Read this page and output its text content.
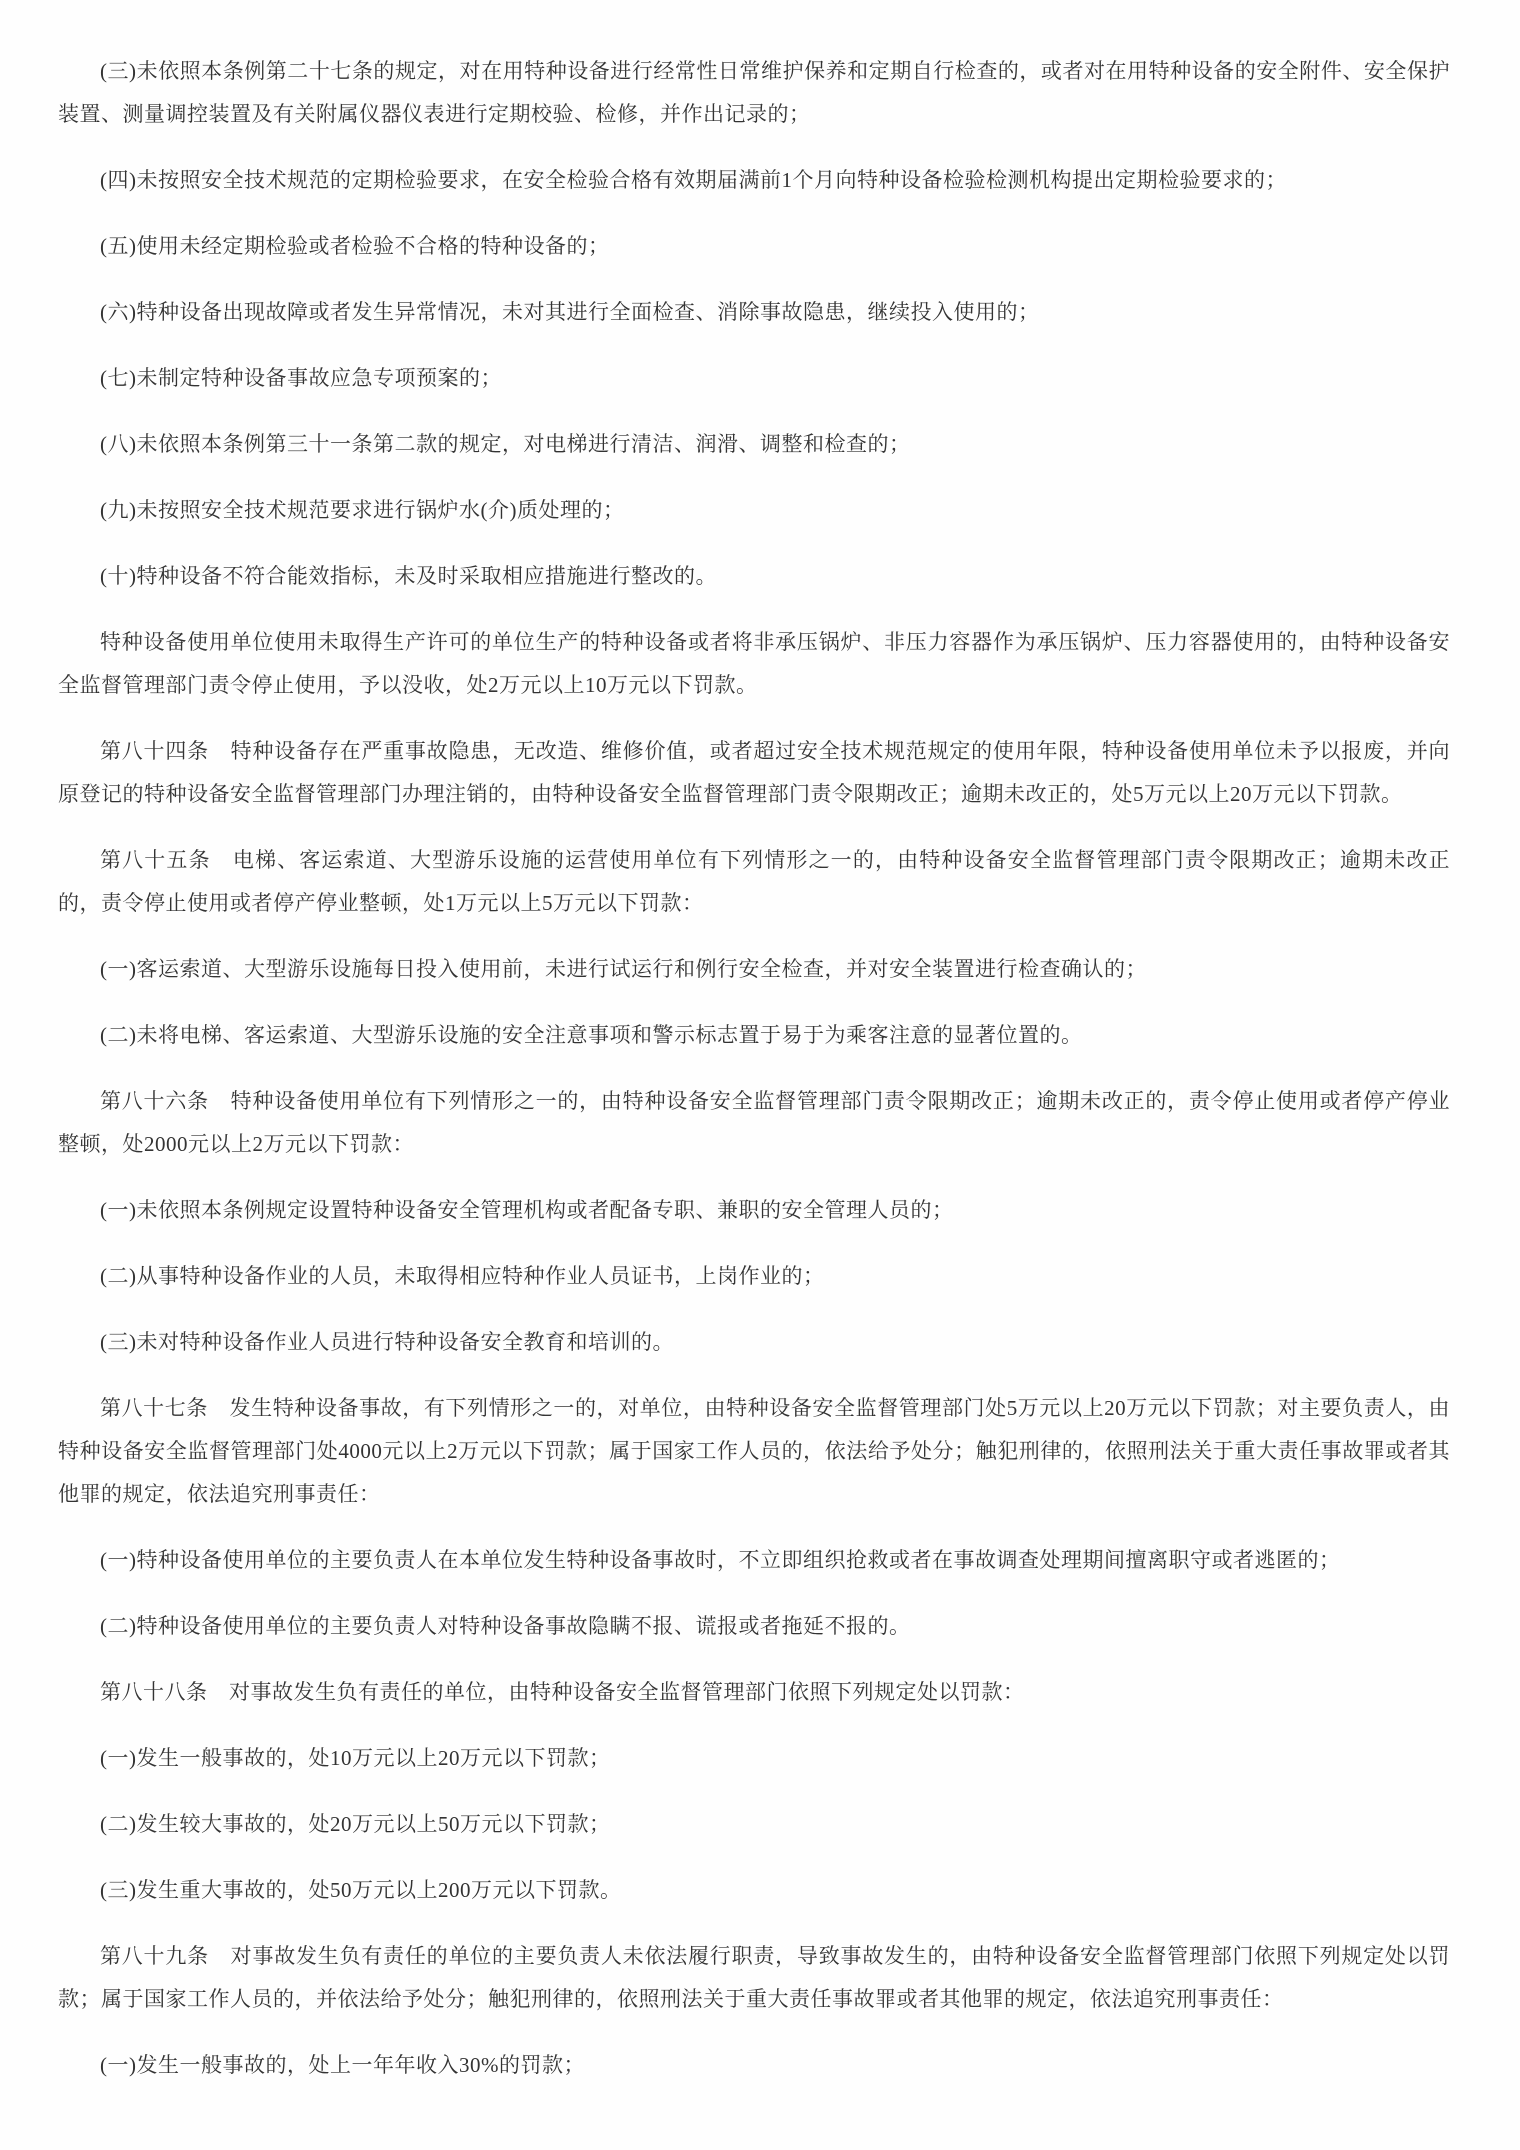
(三)未依照本条例第二十七条的规定，对在用特种设备进行经常性日常维护保养和定期自行检查的，或者对在用特种设备的安全附件、安全保护装置、测量调控装置及有关附属仪器仪表进行定期校验、检修，并作出记录的；

(四)未按照安全技术规范的定期检验要求，在安全检验合格有效期届满前1个月向特种设备检验检测机构提出定期检验要求的；

(五)使用未经定期检验或者检验不合格的特种设备的；

(六)特种设备出现故障或者发生异常情况，未对其进行全面检查、消除事故隐患，继续投入使用的；

(七)未制定特种设备事故应急专项预案的；

(八)未依照本条例第三十一条第二款的规定，对电梯进行清洁、润滑、调整和检查的；

(九)未按照安全技术规范要求进行锅炉水(介)质处理的；

(十)特种设备不符合能效指标，未及时采取相应措施进行整改的。

特种设备使用单位使用未取得生产许可的单位生产的特种设备或者将非承压锅炉、非压力容器作为承压锅炉、压力容器使用的，由特种设备安全监督管理部门责令停止使用，予以没收，处2万元以上10万元以下罚款。

第八十四条　特种设备存在严重事故隐患，无改造、维修价值，或者超过安全技术规范规定的使用年限，特种设备使用单位未予以报废，并向原登记的特种设备安全监督管理部门办理注销的，由特种设备安全监督管理部门责令限期改正；逾期未改正的，处5万元以上20万元以下罚款。

第八十五条　电梯、客运索道、大型游乐设施的运营使用单位有下列情形之一的，由特种设备安全监督管理部门责令限期改正；逾期未改正的，责令停止使用或者停产停业整顿，处1万元以上5万元以下罚款：

(一)客运索道、大型游乐设施每日投入使用前，未进行试运行和例行安全检查，并对安全装置进行检查确认的；

(二)未将电梯、客运索道、大型游乐设施的安全注意事项和警示标志置于易于为乘客注意的显著位置的。

第八十六条　特种设备使用单位有下列情形之一的，由特种设备安全监督管理部门责令限期改正；逾期未改正的，责令停止使用或者停产停业整顿，处2000元以上2万元以下罚款：

(一)未依照本条例规定设置特种设备安全管理机构或者配备专职、兼职的安全管理人员的；

(二)从事特种设备作业的人员，未取得相应特种作业人员证书，上岗作业的；

(三)未对特种设备作业人员进行特种设备安全教育和培训的。

第八十七条　发生特种设备事故，有下列情形之一的，对单位，由特种设备安全监督管理部门处5万元以上20万元以下罚款；对主要负责人，由特种设备安全监督管理部门处4000元以上2万元以下罚款；属于国家工作人员的，依法给予处分；触犯刑律的，依照刑法关于重大责任事故罪或者其他罪的规定，依法追究刑事责任：

(一)特种设备使用单位的主要负责人在本单位发生特种设备事故时，不立即组织抢救或者在事故调查处理期间擅离职守或者逃匿的；

(二)特种设备使用单位的主要负责人对特种设备事故隐瞒不报、谎报或者拖延不报的。

第八十八条　对事故发生负有责任的单位，由特种设备安全监督管理部门依照下列规定处以罚款：

(一)发生一般事故的，处10万元以上20万元以下罚款；

(二)发生较大事故的，处20万元以上50万元以下罚款；

(三)发生重大事故的，处50万元以上200万元以下罚款。

第八十九条　对事故发生负有责任的单位的主要负责人未依法履行职责，导致事故发生的，由特种设备安全监督管理部门依照下列规定处以罚款；属于国家工作人员的，并依法给予处分；触犯刑律的，依照刑法关于重大责任事故罪或者其他罪的规定，依法追究刑事责任：

(一)发生一般事故的，处上一年年收入30%的罚款；
